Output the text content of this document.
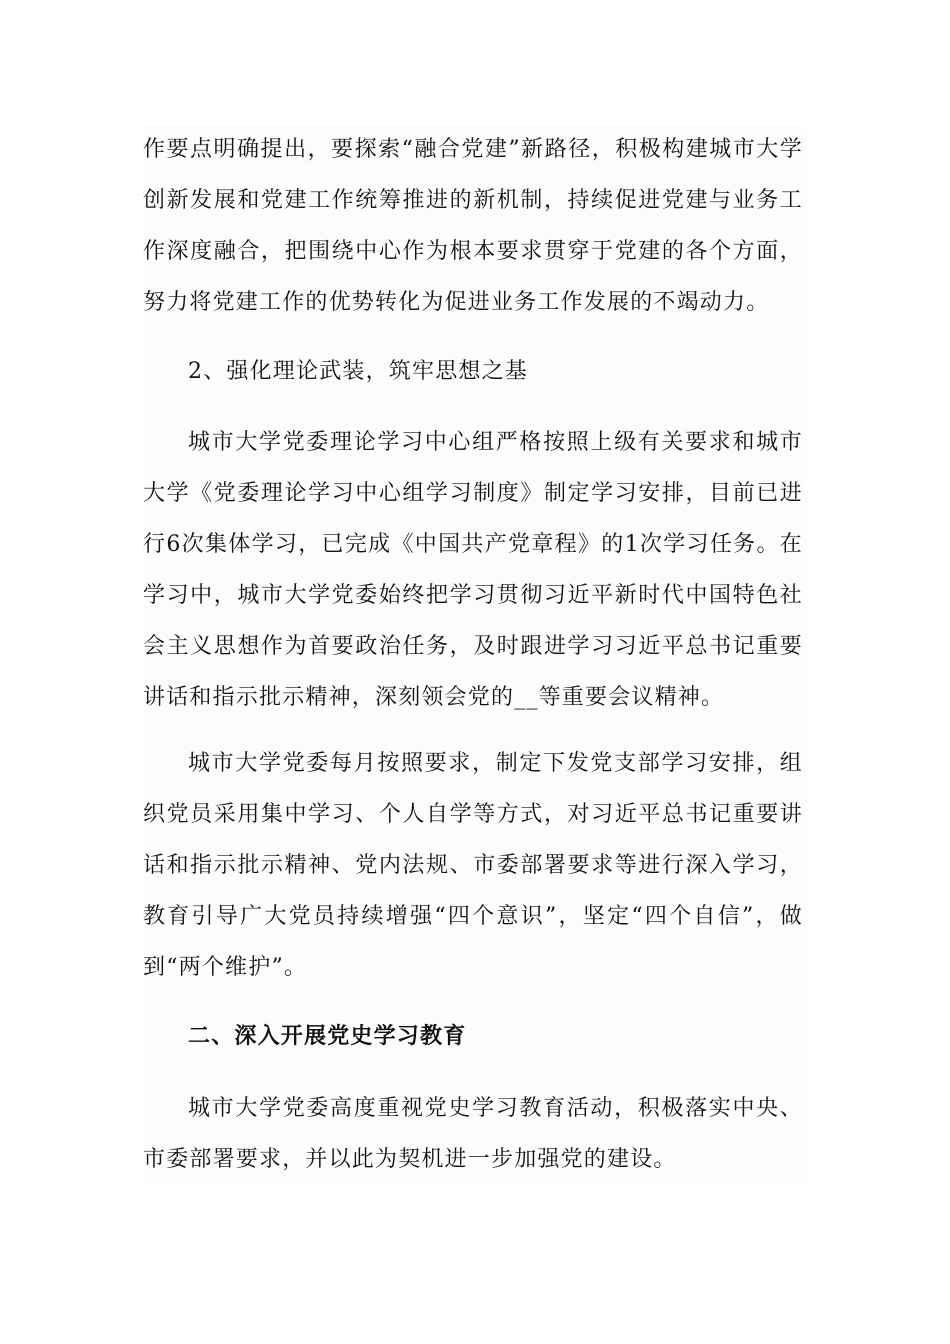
作要点明确提出，要探索“融合党建”新路径，积极构建城市大学创新发展和党建工作统筹推进的新机制，持续促进党建与业务工作深度融合，把围绕中心作为根本要求贯穿于党建的各个方面，努力将党建工作的优势转化为促进业务工作发展的不竭动力。

2、强化理论武装，筑牢思想之基

城市大学党委理论学习中心组严格按照上级有关要求和城市大学《党委理论学习中心组学习制度》制定学习安排，目前已进行6次集体学习，已完成《中国共产党章程》的1次学习任务。在学习中，城市大学党委始终把学习贯彻习近平新时代中国特色社会主义思想作为首要政治任务，及时跟进学习习近平总书记重要讲话和指示批示精神，深刻领会党的__等重要会议精神。

城市大学党委每月按照要求，制定下发党支部学习安排，组织党员采用集中学习、个人自学等方式，对习近平总书记重要讲话和指示批示精神、党内法规、市委部署要求等进行深入学习，教育引导广大党员持续增强“四个意识”，坚定“四个自信”，做到“两个维护”。

二、深入开展党史学习教育

城市大学党委高度重视党史学习教育活动，积极落实中央、市委部署要求，并以此为契机进一步加强党的建设。
